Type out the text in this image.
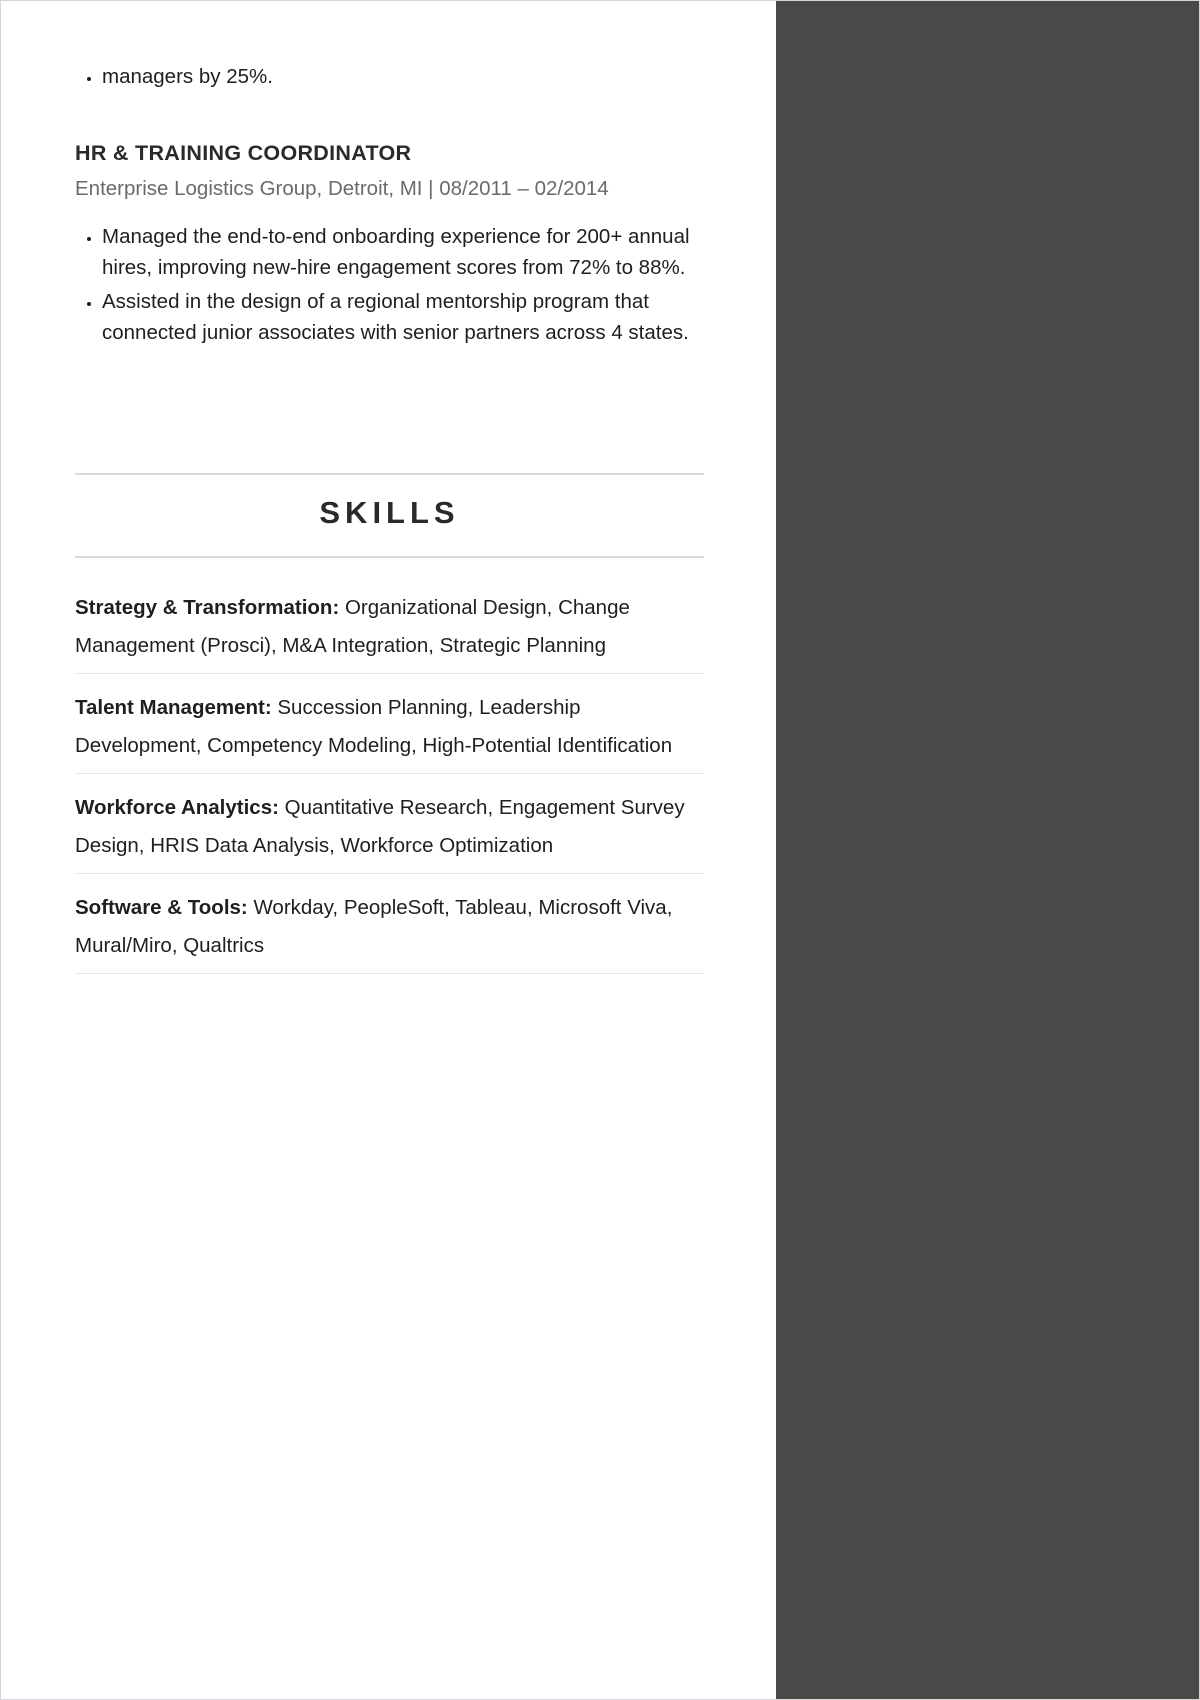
• managers by 25%.
HR & TRAINING COORDINATOR

Enterprise Logistics Group, Detroit, MI | 08/2011 – 02/2014

• Managed the end-to-end onboarding experience for 200+ annual hires, improving new-hire engagement scores from 72% to 88%.
• Assisted in the design of a regional mentorship program that connected junior associates with senior partners across 4 states.
SKILLS
Strategy & Transformation: Organizational Design, Change Management (Prosci), M&A Integration, Strategic Planning
Talent Management: Succession Planning, Leadership Development, Competency Modeling, High-Potential Identification
Workforce Analytics: Quantitative Research, Engagement Survey Design, HRIS Data Analysis, Workforce Optimization
Software & Tools: Workday, PeopleSoft, Tableau, Microsoft Viva, Mural/Miro, Qualtrics
